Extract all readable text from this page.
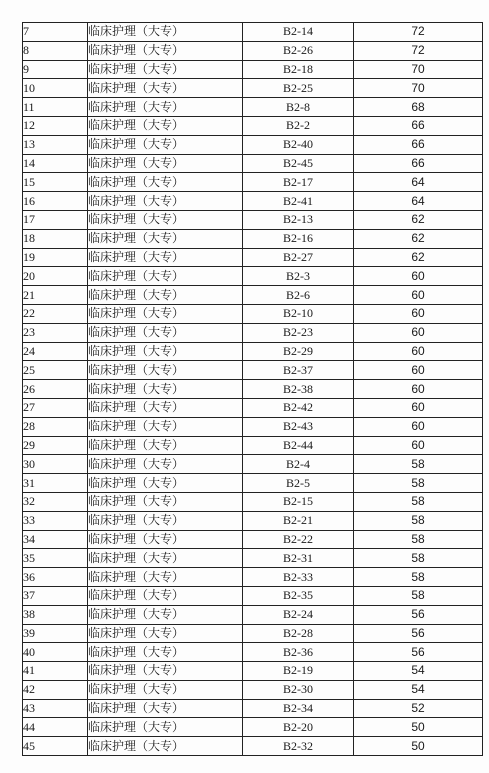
7	临床护理（大专）	B2-14	72
8	临床护理（大专）	B2-26	72
9	临床护理（大专）	B2-18	70
10	临床护理（大专）	B2-25	70
11	临床护理（大专）	B2-8	68
12	临床护理（大专）	B2-2	66
13	临床护理（大专）	B2-40	66
14	临床护理（大专）	B2-45	66
15	临床护理（大专）	B2-17	64
16	临床护理（大专）	B2-41	64
17	临床护理（大专）	B2-13	62
18	临床护理（大专）	B2-16	62
19	临床护理（大专）	B2-27	62
20	临床护理（大专）	B2-3	60
21	临床护理（大专）	B2-6	60
22	临床护理（大专）	B2-10	60
23	临床护理（大专）	B2-23	60
24	临床护理（大专）	B2-29	60
25	临床护理（大专）	B2-37	60
26	临床护理（大专）	B2-38	60
27	临床护理（大专）	B2-42	60
28	临床护理（大专）	B2-43	60
29	临床护理（大专）	B2-44	60
30	临床护理（大专）	B2-4	58
31	临床护理（大专）	B2-5	58
32	临床护理（大专）	B2-15	58
33	临床护理（大专）	B2-21	58
34	临床护理（大专）	B2-22	58
35	临床护理（大专）	B2-31	58
36	临床护理（大专）	B2-33	58
37	临床护理（大专）	B2-35	58
38	临床护理（大专）	B2-24	56
39	临床护理（大专）	B2-28	56
40	临床护理（大专）	B2-36	56
41	临床护理（大专）	B2-19	54
42	临床护理（大专）	B2-30	54
43	临床护理（大专）	B2-34	52
44	临床护理（大专）	B2-20	50
45	临床护理（大专）	B2-32	50
